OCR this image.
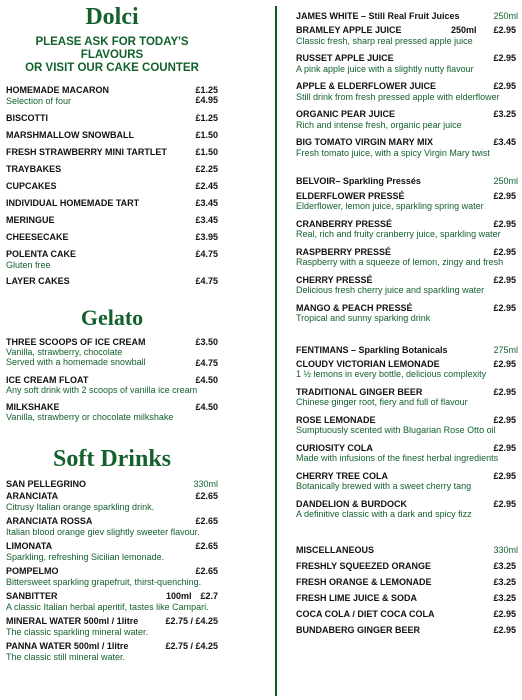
Dolci
PLEASE ASK FOR TODAY'S FLAVOURS
OR VISIT OUR CAKE COUNTER
HOMEMADE MACARON	£1.25
Selection of four	£4.95
BISCOTTI	£1.25
MARSHMALLOW SNOWBALL	£1.50
FRESH STRAWBERRY MINI TARTLET	£1.50
TRAYBAKES	£2.25
CUPCAKES	£2.45
INDIVIDUAL HOMEMADE TART	£3.45
MERINGUE	£3.45
CHEESECAKE	£3.95
POLENTA CAKE	£4.75
Gluten free
LAYER CAKES	£4.75
Gelato
THREE SCOOPS OF ICE CREAM	£3.50
Vanilla, strawberry, chocolate
Served with a homemade snowball	£4.75
ICE CREAM FLOAT	£4.50
Any soft drink with 2 scoops of vanilla ice cream
MILKSHAKE	£4.50
Vanilla, strawberry or chocolate milkshake
Soft Drinks
SAN PELLEGRINO	330ml
ARANCIATA	£2.65
Citrusy Italian orange sparkling drink.
ARANCIATA ROSSA	£2.65
Italian blood orange giev slightly sweeter flavour.
LIMONATA	£2.65
Sparkling, refreshing Sicilian lemonade.
POMPELMO	£2.65
Bittersweet sparkling grapefruit, thirst-quenching.
SANBITTER	100ml £2.7
A classic Italian herbal aperitif, tastes like Campari.
MINERAL WATER 500ml / 1litre	£2.75 / £4.25
The classic sparkling mineral water.
PANNA WATER 500ml / 1litre	£2.75 / £4.25
The classic still mineral water.
JAMES WHITE – Still Real Fruit Juices	250ml
BRAMLEY APPLE JUICE	250ml £2.95
Classic fresh, sharp real pressed apple juice
RUSSET APPLE JUICE	£2.95
A pink apple juice with a slightly nutty flavour
APPLE & ELDERFLOWER JUICE	£2.95
Still drink from fresh pressed apple with elderflower
ORGANIC PEAR JUICE	£3.25
Rich and intense fresh, organic pear juice
BIG TOMATO VIRGIN MARY MIX	£3.45
Fresh tomato juice, with a spicy Virgin Mary twist
BELVOIR– Sparkling Pressés	250ml
ELDERFLOWER PRESSÉ	£2.95
Elderflower, lemon juice, sparkling spring water
CRANBERRY PRESSÉ	£2.95
Real, rich and fruity cranberry juice, sparkling water
RASPBERRY PRESSÉ	£2.95
Raspberry with a squeeze of lemon, zingy and fresh
CHERRY PRESSÉ	£2.95
Delicious fresh cherry juice and sparkling water
MANGO & PEACH PRESSÉ	£2.95
Tropical and sunny sparking drink
FENTIMANS – Sparkling Botanicals	275ml
CLOUDY VICTORIAN LEMONADE	£2.95
1 ½ lemons in every bottle, delicious complexity
TRADITIONAL GINGER BEER	£2.95
Chinese ginger root, fiery and full of flavour
ROSE LEMONADE	£2.95
Sumptuously scented with Blugarian Rose Otto oil
CURIOSITY COLA	£2.95
Made with infusions of the finest herbal ingredients
CHERRY TREE COLA	£2.95
Botanically brewed with a sweet cherry tang
DANDELION & BURDOCK	£2.95
A definitive classic with a dark and spicy fizz
MISCELLANEOUS	330ml
FRESHLY SQUEEZED ORANGE	£3.25
FRESH ORANGE & LEMONADE	£3.25
FRESH LIME JUICE & SODA	£3.25
COCA COLA / DIET COCA COLA	£2.95
BUNDABERG GINGER BEER	£2.95
